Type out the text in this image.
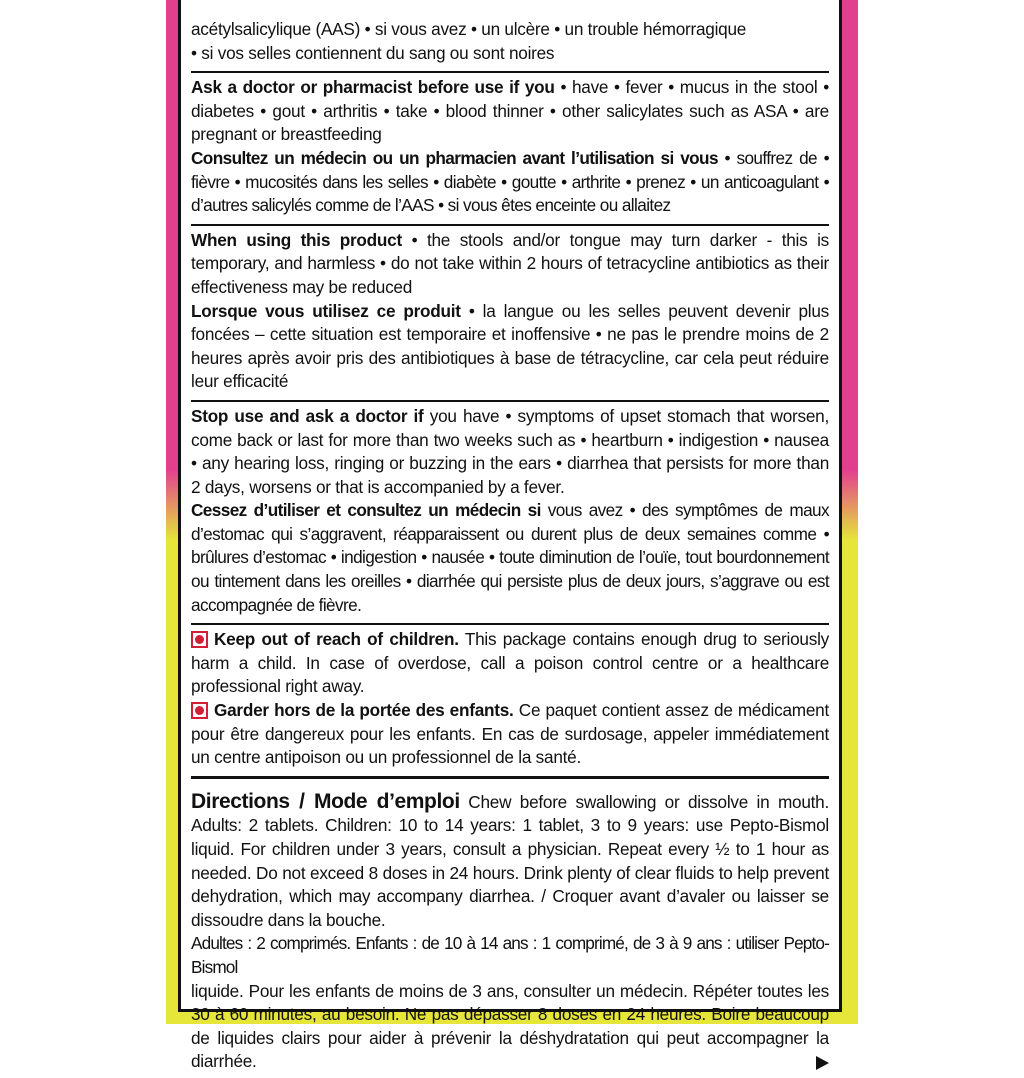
acétylsalicylique (AAS) • si vous avez • un ulcère • un trouble hémorragique
• si vos selles contiennent du sang ou sont noires

Ask a doctor or pharmacist before use if you • have • fever • mucus in the stool • diabetes • gout • arthritis • take • blood thinner • other salicylates such as ASA • are pregnant or breastfeeding
Consultez un médecin ou un pharmacien avant l’utilisation si vous • souffrez de • fièvre • mucosités dans les selles • diabète • goutte • arthrite • prenez • un anticoagulant • d’autres salicylés comme de l’AAS • si vous êtes enceinte ou allaitez

When using this product • the stools and/or tongue may turn darker - this is temporary, and harmless • do not take within 2 hours of tetracycline antibiotics as their effectiveness may be reduced
Lorsque vous utilisez ce produit • la langue ou les selles peuvent devenir plus foncées – cette situation est temporaire et inoffensive • ne pas le prendre moins de 2 heures après avoir pris des antibiotiques à base de tétracycline, car cela peut réduire leur efficacité

Stop use and ask a doctor if you have • symptoms of upset stomach that worsen, come back or last for more than two weeks such as • heartburn • indigestion • nausea • any hearing loss, ringing or buzzing in the ears • diarrhea that persists for more than 2 days, worsens or that is accompanied by a fever.
Cessez d’utiliser et consultez un médecin si vous avez • des symptômes de maux d’estomac qui s’aggravent, réapparaissent ou durent plus de deux semaines comme • brûlures d’estomac • indigestion • nausée • toute diminution de l’ouïe, tout bourdonnement ou tintement dans les oreilles • diarrhée qui persiste plus de deux jours, s’aggrave ou est accompagnée de fièvre.

Keep out of reach of children. This package contains enough drug to seriously harm a child. In case of overdose, call a poison control centre or a healthcare professional right away.
Garder hors de la portée des enfants. Ce paquet contient assez de médicament pour être dangereux pour les enfants. En cas de surdosage, appeler immédiatement un centre antipoison ou un professionnel de la santé.

Directions / Mode d’emploi Chew before swallowing or dissolve in mouth. Adults: 2 tablets. Children: 10 to 14 years: 1 tablet, 3 to 9 years: use Pepto-Bismol liquid. For children under 3 years, consult a physician. Repeat every ½ to 1 hour as needed. Do not exceed 8 doses in 24 hours. Drink plenty of clear fluids to help prevent dehydration, which may accompany diarrhea. / Croquer avant d’avaler ou laisser se dissoudre dans la bouche.
Adultes : 2 comprimés. Enfants : de 10 à 14 ans : 1 comprimé, de 3 à 9 ans : utiliser Pepto-Bismol
liquide. Pour les enfants de moins de 3 ans, consulter un médecin. Répéter toutes les 30 à 60 minutes, au besoin. Ne pas dépasser 8 doses en 24 heures. Boire beaucoup de liquides clairs pour aider à prévenir la déshydratation qui peut accompagner la diarrhée.
